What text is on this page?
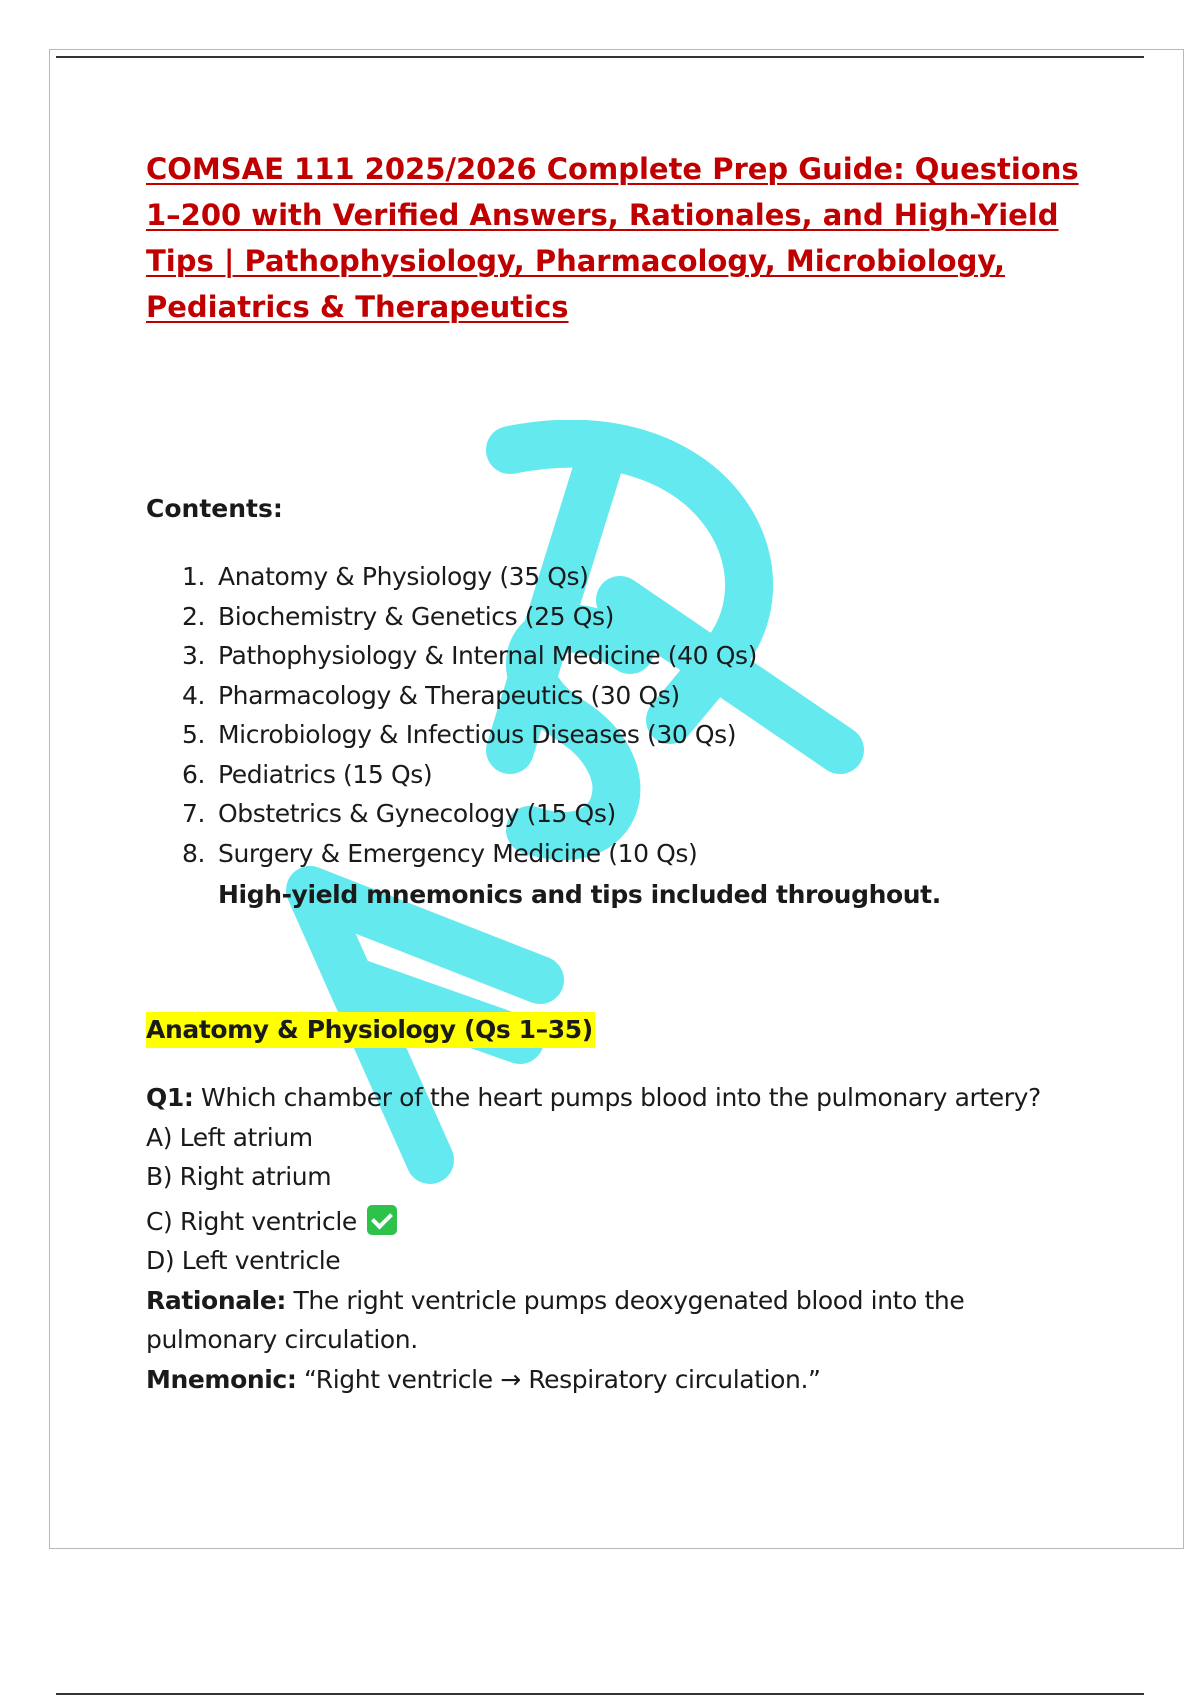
COMSAE 111 2025/2026 Complete Prep Guide: Questions 1–200 with Verified Answers, Rationales, and High-Yield Tips | Pathophysiology, Pharmacology, Microbiology, Pediatrics & Therapeutics
Contents:
1. Anatomy & Physiology (35 Qs)
2. Biochemistry & Genetics (25 Qs)
3. Pathophysiology & Internal Medicine (40 Qs)
4. Pharmacology & Therapeutics (30 Qs)
5. Microbiology & Infectious Diseases (30 Qs)
6. Pediatrics (15 Qs)
7. Obstetrics & Gynecology (15 Qs)
8. Surgery & Emergency Medicine (10 Qs)

High-yield mnemonics and tips included throughout.

Anatomy & Physiology (Qs 1–35)

Q1: Which chamber of the heart pumps blood into the pulmonary artery?

A) Left atrium

B) Right atrium

C) Right ventricle

D) Left ventricle

Rationale: The right ventricle pumps deoxygenated blood into the pulmonary circulation.

Mnemonic: “Right ventricle → Respiratory circulation.”
